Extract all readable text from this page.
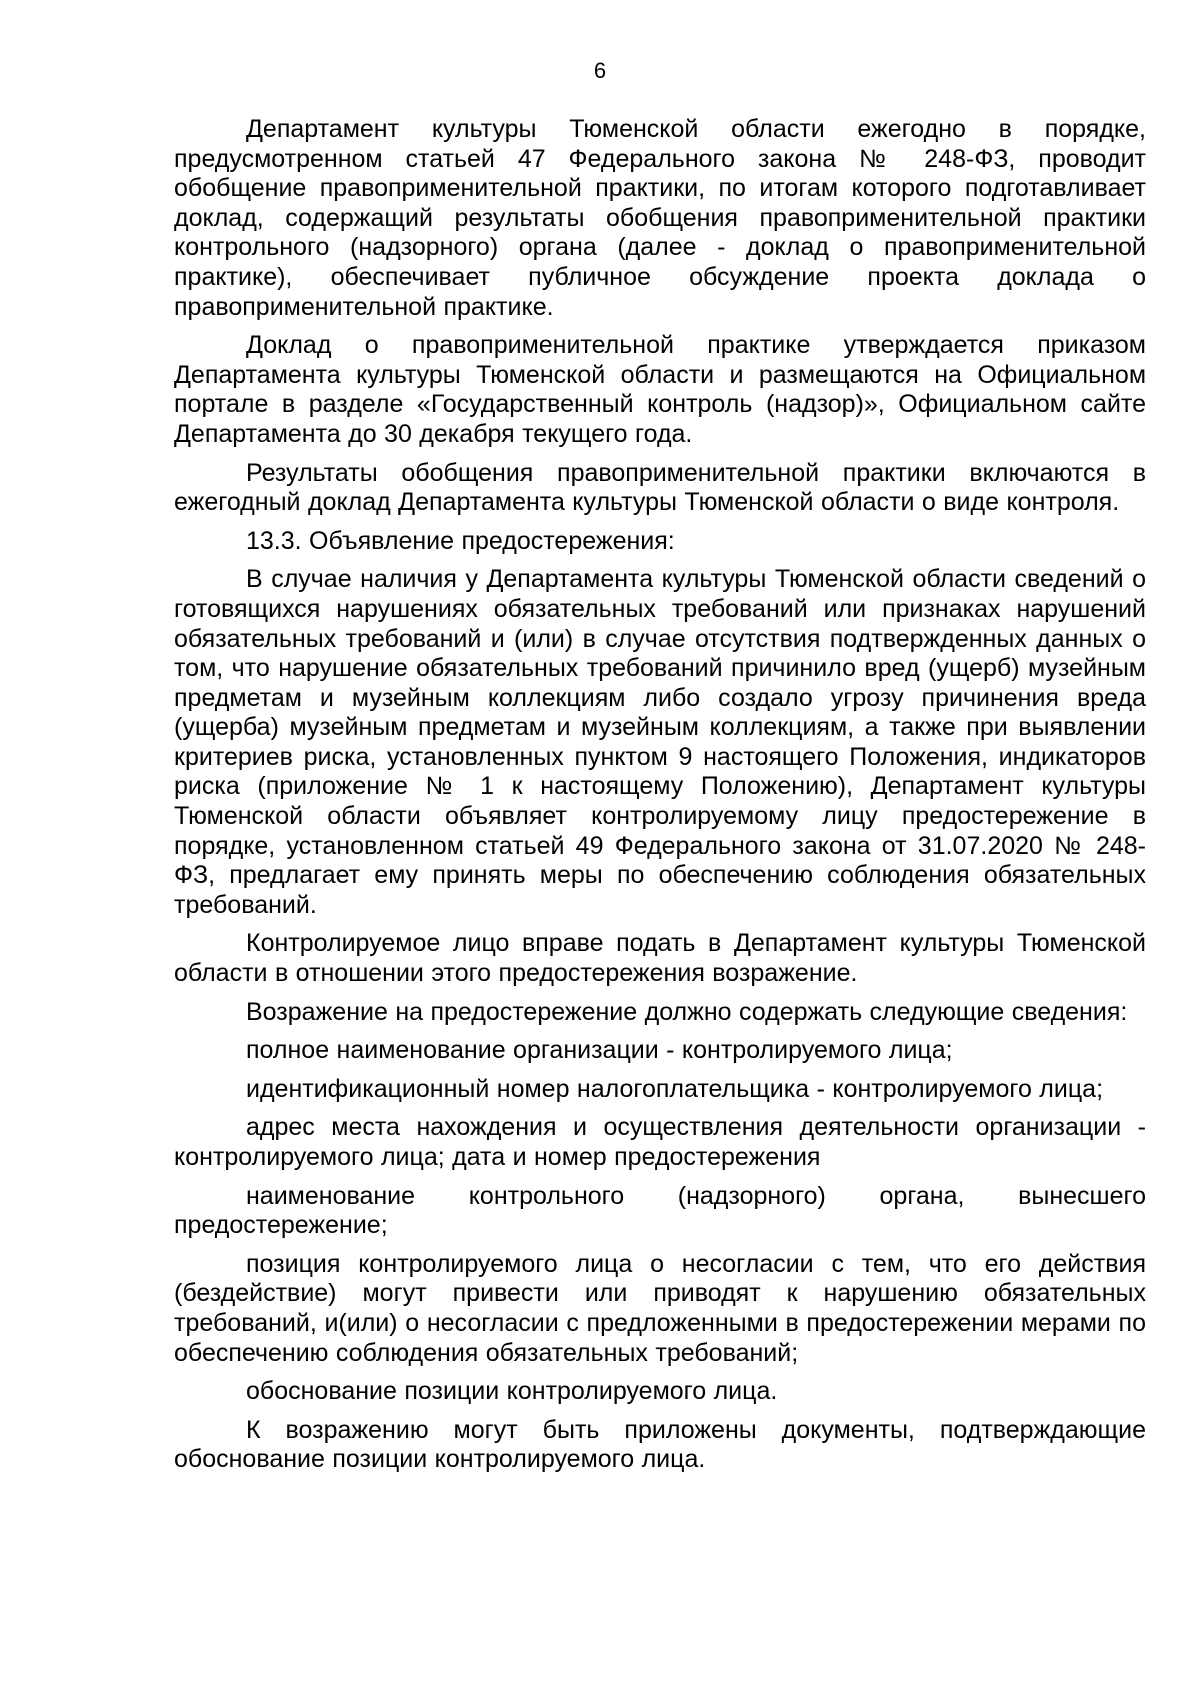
6

Департамент культуры Тюменской области ежегодно в порядке, предусмотренном статьей 47 Федерального закона № 248-ФЗ, проводит обобщение правоприменительной практики, по итогам которого подготавливает доклад, содержащий результаты обобщения правоприменительной практики контрольного (надзорного) органа (далее - доклад о правоприменительной практике), обеспечивает публичное обсуждение проекта доклада о правоприменительной практике.

Доклад о правоприменительной практике утверждается приказом Департамента культуры Тюменской области и размещаются на Официальном портале в разделе «Государственный контроль (надзор)», Официальном сайте Департамента до 30 декабря текущего года.

Результаты обобщения правоприменительной практики включаются в ежегодный доклад Департамента культуры Тюменской области о виде контроля.

13.3. Объявление предостережения:

В случае наличия у Департамента культуры Тюменской области сведений о готовящихся нарушениях обязательных требований или признаках нарушений обязательных требований и (или) в случае отсутствия подтвержденных данных о том, что нарушение обязательных требований причинило вред (ущерб) музейным предметам и музейным коллекциям либо создало угрозу причинения вреда (ущерба) музейным предметам и музейным коллекциям, а также при выявлении критериев риска, установленных пунктом 9 настоящего Положения, индикаторов риска (приложение № 1 к настоящему Положению), Департамент культуры Тюменской области объявляет контролируемому лицу предостережение в порядке, установленном статьей 49 Федерального закона от 31.07.2020 № 248-ФЗ, предлагает ему принять меры по обеспечению соблюдения обязательных требований.

Контролируемое лицо вправе подать в Департамент культуры Тюменской области в отношении этого предостережения возражение.

Возражение на предостережение должно содержать следующие сведения:

полное наименование организации - контролируемого лица;

идентификационный номер налогоплательщика - контролируемого лица;

адрес места нахождения и осуществления деятельности организации - контролируемого лица; дата и номер предостережения

наименование контрольного (надзорного) органа, вынесшего предостережение;

позиция контролируемого лица о несогласии с тем, что его действия (бездействие) могут привести или приводят к нарушению обязательных требований, и(или) о несогласии с предложенными в предостережении мерами по обеспечению соблюдения обязательных требований;

обоснование позиции контролируемого лица.

К возражению могут быть приложены документы, подтверждающие обоснование позиции контролируемого лица.
